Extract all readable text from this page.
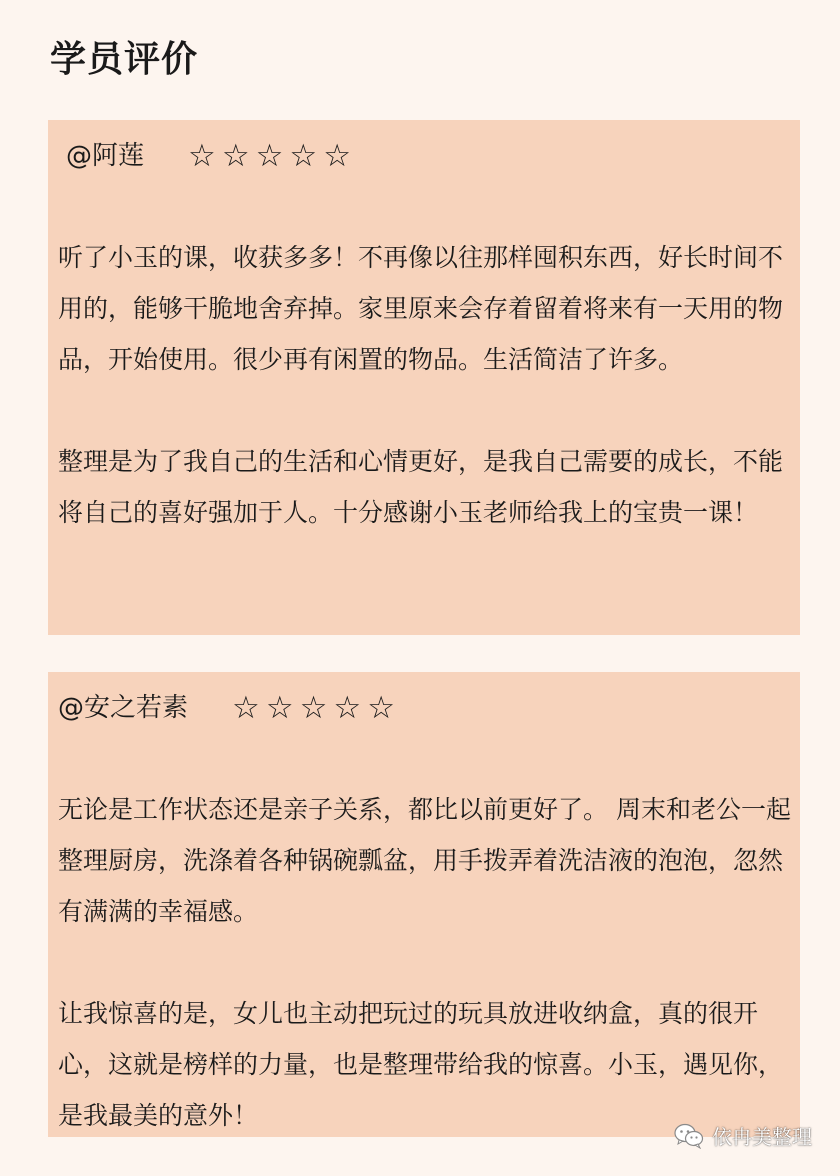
学员评价
@阿莲 ☆ ☆ ☆ ☆ ☆

听了小玉的课，收获多多！不再像以往那样囤积东西，好长时间不用的，能够干脆地舍弃掉。家里原来会存着留着将来有一天用的物品，开始使用。很少再有闲置的物品。生活简洁了许多。

整理是为了我自己的生活和心情更好，是我自己需要的成长，不能将自己的喜好强加于人。十分感谢小玉老师给我上的宝贵一课！

@安之若素 ☆ ☆ ☆ ☆ ☆

无论是工作状态还是亲子关系，都比以前更好了。 周末和老公一起整理厨房，洗涤着各种锅碗瓢盆，用手拨弄着洗洁液的泡泡，忽然有满满的幸福感。

让我惊喜的是，女儿也主动把玩过的玩具放进收纳盒，真的很开心，这就是榜样的力量，也是整理带给我的惊喜。小玉，遇见你，是我最美的意外！

依冉美整理
